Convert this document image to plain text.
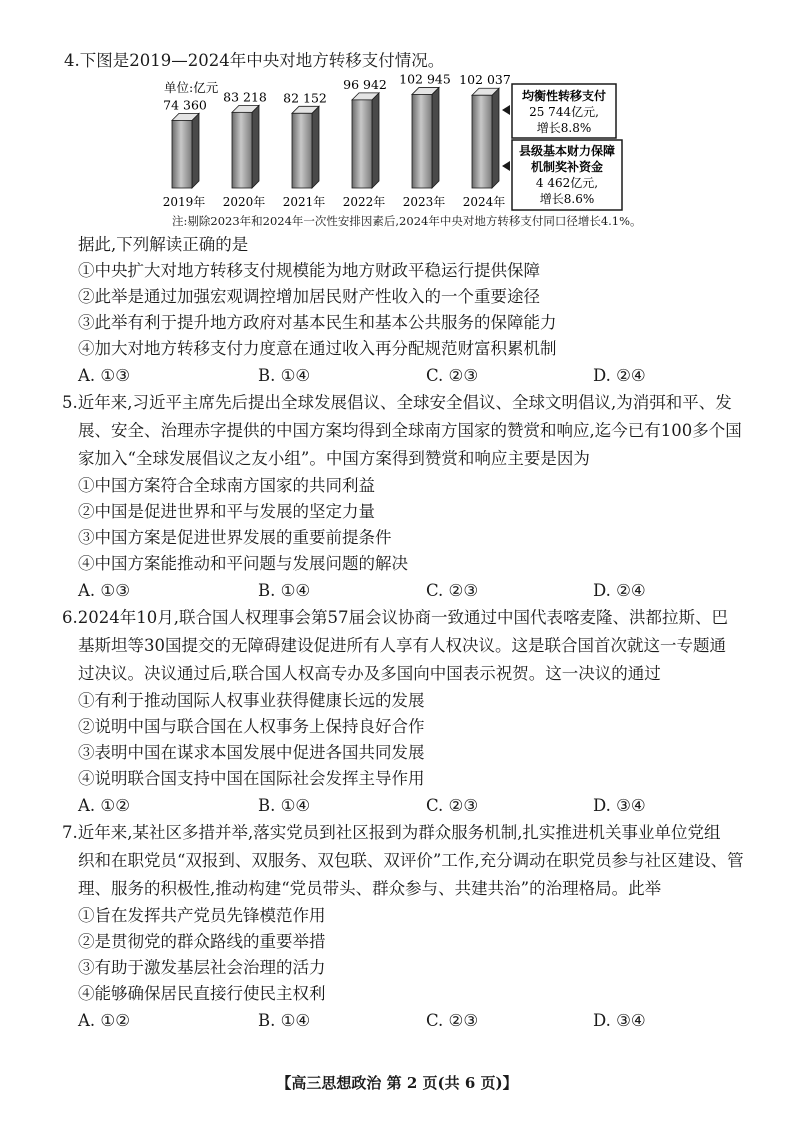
4.下图是2019—2024年中央对地方转移支付情况。
单位:亿元
74 360
2019年
83 218
2020年
82 152
2021年
96 942
2022年
102 945
2023年
102 037
2024年
均衡性转移支付
25 744亿元,
增长8.8%
县级基本财力保障
机制奖补资金
4 462亿元,
增长8.6%
注:剔除2023年和2024年一次性安排因素后,2024年中央对地方转移支付同口径增长4.1%。
据此,下列解读正确的是
①中央扩大对地方转移支付规模能为地方财政平稳运行提供保障
②此举是通过加强宏观调控增加居民财产性收入的一个重要途径
③此举有利于提升地方政府对基本民生和基本公共服务的保障能力
④加大对地方转移支付力度意在通过收入再分配规范财富积累机制
A. ①③	B. ①④	C. ②③	D. ②④
5.近年来,习近平主席先后提出全球发展倡议、全球安全倡议、全球文明倡议,为消弭和平、发
展、安全、治理赤字提供的中国方案均得到全球南方国家的赞赏和响应,迄今已有100多个国
家加入“全球发展倡议之友小组”。中国方案得到赞赏和响应主要是因为
①中国方案符合全球南方国家的共同利益
②中国是促进世界和平与发展的坚定力量
③中国方案是促进世界发展的重要前提条件
④中国方案能推动和平问题与发展问题的解决
A. ①③	B. ①④	C. ②③	D. ②④
6.2024年10月,联合国人权理事会第57届会议协商一致通过中国代表喀麦隆、洪都拉斯、巴
基斯坦等30国提交的无障碍建设促进所有人享有人权决议。这是联合国首次就这一专题通
过决议。决议通过后,联合国人权高专办及多国向中国表示祝贺。这一决议的通过
①有利于推动国际人权事业获得健康长远的发展
②说明中国与联合国在人权事务上保持良好合作
③表明中国在谋求本国发展中促进各国共同发展
④说明联合国支持中国在国际社会发挥主导作用
A. ①②	B. ①④	C. ②③	D. ③④
7.近年来,某社区多措并举,落实党员到社区报到为群众服务机制,扎实推进机关事业单位党组
织和在职党员“双报到、双服务、双包联、双评价”工作,充分调动在职党员参与社区建设、管
理、服务的积极性,推动构建“党员带头、群众参与、共建共治”的治理格局。此举
①旨在发挥共产党员先锋模范作用
②是贯彻党的群众路线的重要举措
③有助于激发基层社会治理的活力
④能够确保居民直接行使民主权利
A. ①②	B. ①④	C. ②③	D. ③④
【高三思想政治 第 2 页(共 6 页)】
